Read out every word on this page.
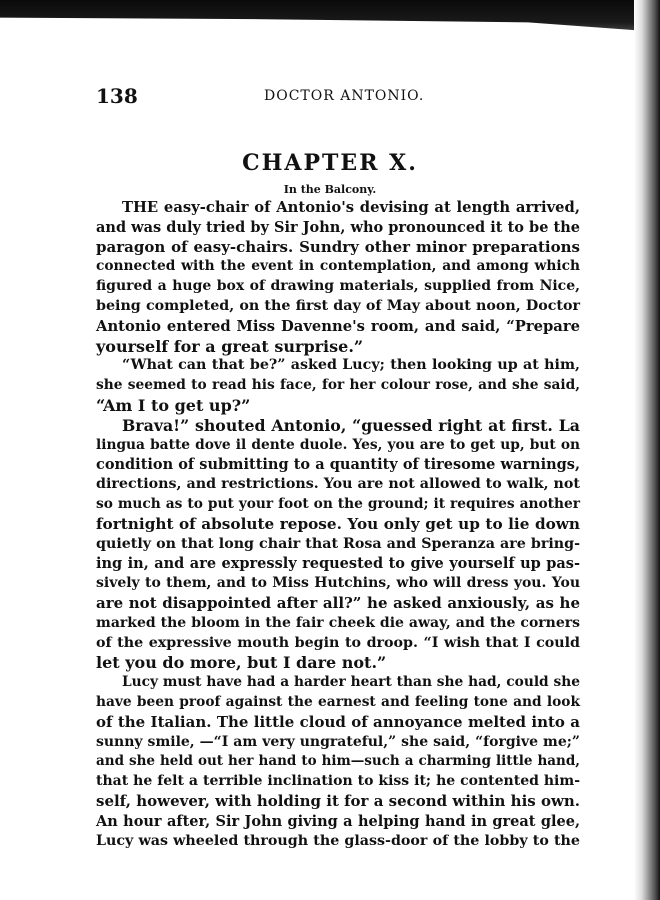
138	DOCTOR ANTONIO.
CHAPTER X.
In the Balcony.
THE easy-chair of Antonio's devising at length arrived,
and was duly tried by Sir John, who pronounced it to be the
paragon of easy-chairs. Sundry other minor preparations
connected with the event in contemplation, and among which
figured a huge box of drawing materials, supplied from Nice,
being completed, on the first day of May about noon, Doctor
Antonio entered Miss Davenne's room, and said, “Prepare
yourself for a great surprise.”
“What can that be?” asked Lucy; then looking up at him,
she seemed to read his face, for her colour rose, and she said,
“Am I to get up?”
Brava!” shouted Antonio, “guessed right at first. La
lingua batte dove il dente duole. Yes, you are to get up, but on
condition of submitting to a quantity of tiresome warnings,
directions, and restrictions. You are not allowed to walk, not
so much as to put your foot on the ground; it requires another
fortnight of absolute repose. You only get up to lie down
quietly on that long chair that Rosa and Speranza are bring-
ing in, and are expressly requested to give yourself up pas-
sively to them, and to Miss Hutchins, who will dress you. You
are not disappointed after all?” he asked anxiously, as he
marked the bloom in the fair cheek die away, and the corners
of the expressive mouth begin to droop. “I wish that I could
let you do more, but I dare not.”
Lucy must have had a harder heart than she had, could she
have been proof against the earnest and feeling tone and look
of the Italian. The little cloud of annoyance melted into a
sunny smile, —“I am very ungrateful,” she said, “forgive me;”
and she held out her hand to him—such a charming little hand,
that he felt a terrible inclination to kiss it; he contented him-
self, however, with holding it for a second within his own.
An hour after, Sir John giving a helping hand in great glee,
Lucy was wheeled through the glass-door of the lobby to the
